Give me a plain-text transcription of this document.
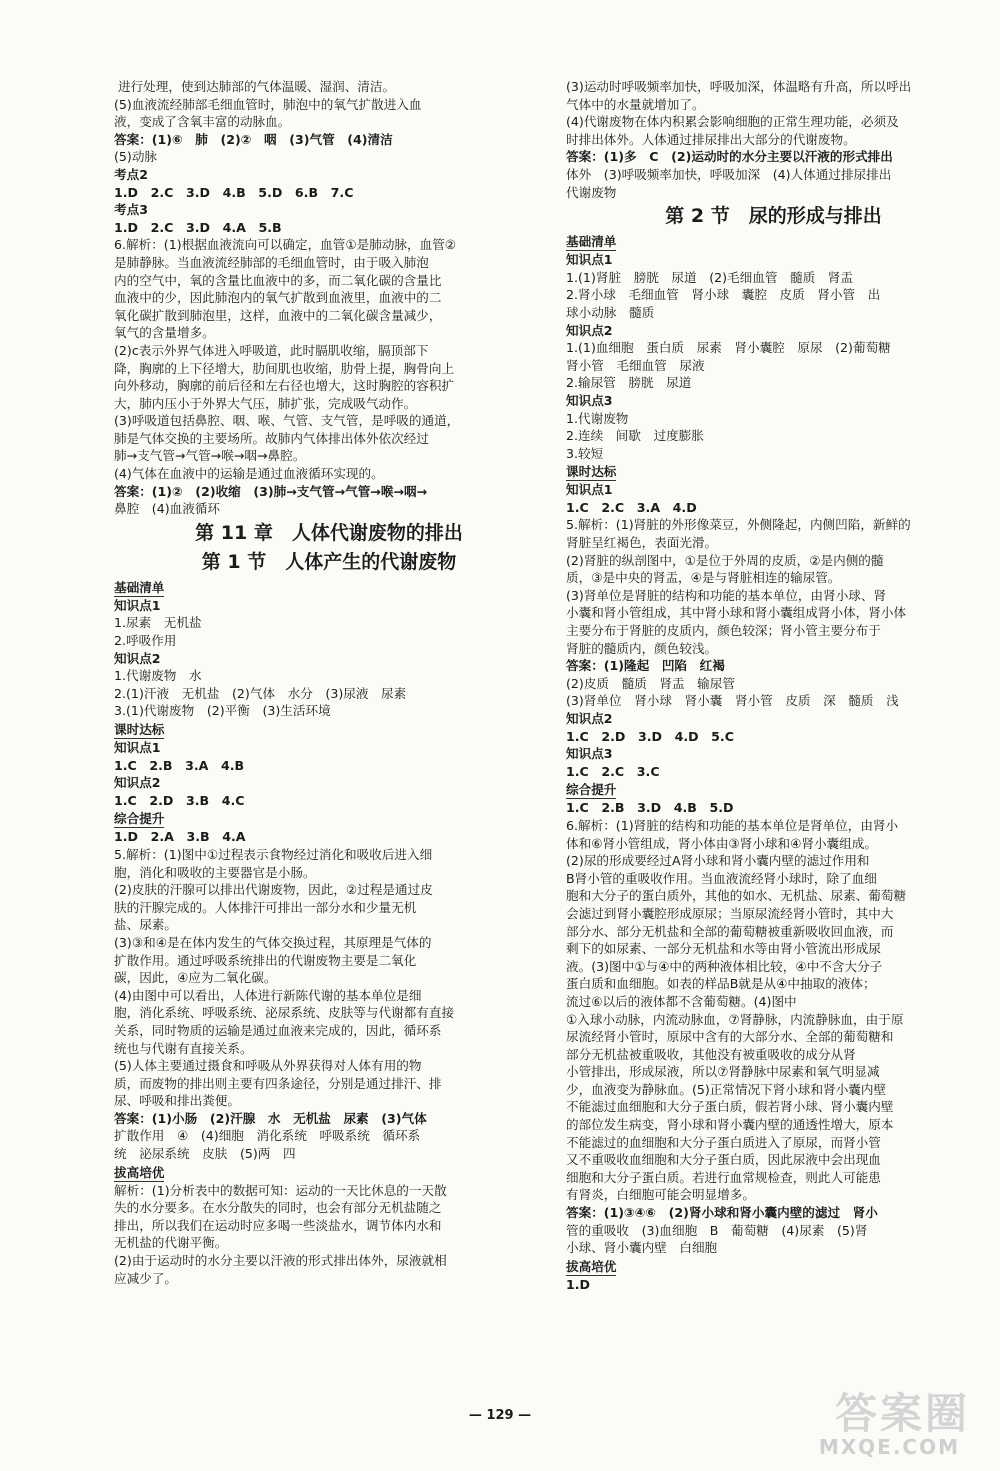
进行处理，使到达肺部的气体温暖、湿润、清洁。
(5)血液流经肺部毛细血管时，肺泡中的氧气扩散进入血
液，变成了含氧丰富的动脉血。
答案：(1)⑥　肺　(2)②　咽　(3)气管　(4)清洁
(5)动脉
考点2
1.D　2.C　3.D　4.B　5.D　6.B　7.C
考点3
1.D　2.C　3.D　4.A　5.B
6.解析：(1)根据血液流向可以确定，血管①是肺动脉，血管②
是肺静脉。当血液流经肺部的毛细血管时，由于吸入肺泡
内的空气中，氧的含量比血液中的多，而二氧化碳的含量比
血液中的少，因此肺泡内的氧气扩散到血液里，血液中的二
氧化碳扩散到肺泡里，这样，血液中的二氧化碳含量减少，
氧气的含量增多。
(2)c表示外界气体进入呼吸道，此时膈肌收缩，膈顶部下
降，胸廓的上下径增大，肋间肌也收缩，肋骨上提，胸骨向上
向外移动，胸廓的前后径和左右径也增大，这时胸腔的容积扩
大，肺内压小于外界大气压，肺扩张，完成吸气动作。
(3)呼吸道包括鼻腔、咽、喉、气管、支气管，是呼吸的通道，
肺是气体交换的主要场所。故肺内气体排出体外依次经过
肺→支气管→气管→喉→咽→鼻腔。
(4)气体在血液中的运输是通过血液循环实现的。
答案：(1)②　(2)收缩　(3)肺→支气管→气管→喉→咽→
鼻腔　(4)血液循环
第 11 章　人体代谢废物的排出
第 1 节　人体产生的代谢废物
基础清单
知识点1
1.尿素　无机盐
2.呼吸作用
知识点2
1.代谢废物　水
2.(1)汗液　无机盐　(2)气体　水分　(3)尿液　尿素
3.(1)代谢废物　(2)平衡　(3)生活环境
课时达标
知识点1
1.C　2.B　3.A　4.B
知识点2
1.C　2.D　3.B　4.C
综合提升
1.D　2.A　3.B　4.A
5.解析：(1)图中①过程表示食物经过消化和吸收后进入细
胞，消化和吸收的主要器官是小肠。
(2)皮肤的汗腺可以排出代谢废物，因此，②过程是通过皮
肤的汗腺完成的。人体排汗可排出一部分水和少量无机
盐、尿素。
(3)③和④是在体内发生的气体交换过程，其原理是气体的
扩散作用。通过呼吸系统排出的代谢废物主要是二氧化
碳，因此，④应为二氧化碳。
(4)由图中可以看出，人体进行新陈代谢的基本单位是细
胞，消化系统、呼吸系统、泌尿系统、皮肤等与代谢都有直接
关系，同时物质的运输是通过血液来完成的，因此，循环系
统也与代谢有直接关系。
(5)人体主要通过摄食和呼吸从外界获得对人体有用的物
质，而废物的排出则主要有四条途径，分别是通过排汗、排
尿、呼吸和排出粪便。
答案：(1)小肠　(2)汗腺　水　无机盐　尿素　(3)气体
扩散作用　④　(4)细胞　消化系统　呼吸系统　循环系
统　泌尿系统　皮肤　(5)两　四
拔高培优
解析：(1)分析表中的数据可知：运动的一天比休息的一天散
失的水分要多。在水分散失的同时，也会有部分无机盐随之
排出，所以我们在运动时应多喝一些淡盐水，调节体内水和
无机盐的代谢平衡。
(2)由于运动时的水分主要以汗液的形式排出体外，尿液就相
应减少了。
(3)运动时呼吸频率加快，呼吸加深，体温略有升高，所以呼出
气体中的水量就增加了。
(4)代谢废物在体内积累会影响细胞的正常生理功能，必须及
时排出体外。人体通过排尿排出大部分的代谢废物。
答案：(1)多　C　(2)运动时的水分主要以汗液的形式排出
体外　(3)呼吸频率加快，呼吸加深　(4)人体通过排尿排出
代谢废物
第 2 节　尿的形成与排出
基础清单
知识点1
1.(1)肾脏　膀胱　尿道　(2)毛细血管　髓质　肾盂
2.肾小球　毛细血管　肾小球　囊腔　皮质　肾小管　出
球小动脉　髓质
知识点2
1.(1)血细胞　蛋白质　尿素　肾小囊腔　原尿　(2)葡萄糖
肾小管　毛细血管　尿液
2.输尿管　膀胱　尿道
知识点3
1.代谢废物
2.连续　间歇　过度膨胀
3.较短
课时达标
知识点1
1.C　2.C　3.A　4.D
5.解析：(1)肾脏的外形像菜豆，外侧隆起，内侧凹陷，新鲜的
肾脏呈红褐色，表面光滑。
(2)肾脏的纵剖图中，①是位于外周的皮质，②是内侧的髓
质，③是中央的肾盂，④是与肾脏相连的输尿管。
(3)肾单位是肾脏的结构和功能的基本单位，由肾小球、肾
小囊和肾小管组成，其中肾小球和肾小囊组成肾小体，肾小体
主要分布于肾脏的皮质内，颜色较深；肾小管主要分布于
肾脏的髓质内，颜色较浅。
答案：(1)隆起　凹陷　红褐
(2)皮质　髓质　肾盂　输尿管
(3)肾单位　肾小球　肾小囊　肾小管　皮质　深　髓质　浅
知识点2
1.C　2.D　3.D　4.D　5.C
知识点3
1.C　2.C　3.C
综合提升
1.C　2.B　3.D　4.B　5.D
6.解析：(1)肾脏的结构和功能的基本单位是肾单位，由肾小
体和⑥肾小管组成，肾小体由③肾小球和④肾小囊组成。
(2)尿的形成要经过A肾小球和肾小囊内壁的滤过作用和
B肾小管的重吸收作用。当血液流经肾小球时，除了血细
胞和大分子的蛋白质外，其他的如水、无机盐、尿素、葡萄糖
会滤过到肾小囊腔形成原尿；当原尿流经肾小管时，其中大
部分水、部分无机盐和全部的葡萄糖被重新吸收回血液，而
剩下的如尿素、一部分无机盐和水等由肾小管流出形成尿
液。(3)图中①与④中的两种液体相比较，④中不含大分子
蛋白质和血细胞。如表的样品B就是从④中抽取的液体；
流过⑥以后的液体都不含葡萄糖。(4)图中
①入球小动脉，内流动脉血，⑦肾静脉，内流静脉血，由于原
尿流经肾小管时，原尿中含有的大部分水、全部的葡萄糖和
部分无机盐被重吸收，其他没有被重吸收的成分从肾
小管排出，形成尿液，所以⑦肾静脉中尿素和氧气明显减
少，血液变为静脉血。(5)正常情况下肾小球和肾小囊内壁
不能滤过血细胞和大分子蛋白质，假若肾小球、肾小囊内壁
的部位发生病变，肾小球和肾小囊内壁的通透性增大，原本
不能滤过的血细胞和大分子蛋白质进入了原尿，而肾小管
又不重吸收血细胞和大分子蛋白质，因此尿液中会出现血
细胞和大分子蛋白质。若进行血常规检查，则此人可能患
有肾炎，白细胞可能会明显增多。
答案：(1)③④⑥　(2)肾小球和肾小囊内壁的滤过　肾小
管的重吸收　(3)血细胞　B　葡萄糖　(4)尿素　(5)肾
小球、肾小囊内壁　白细胞
拔高培优
1.D
— 129 —	答案圈
MXQE.COM
